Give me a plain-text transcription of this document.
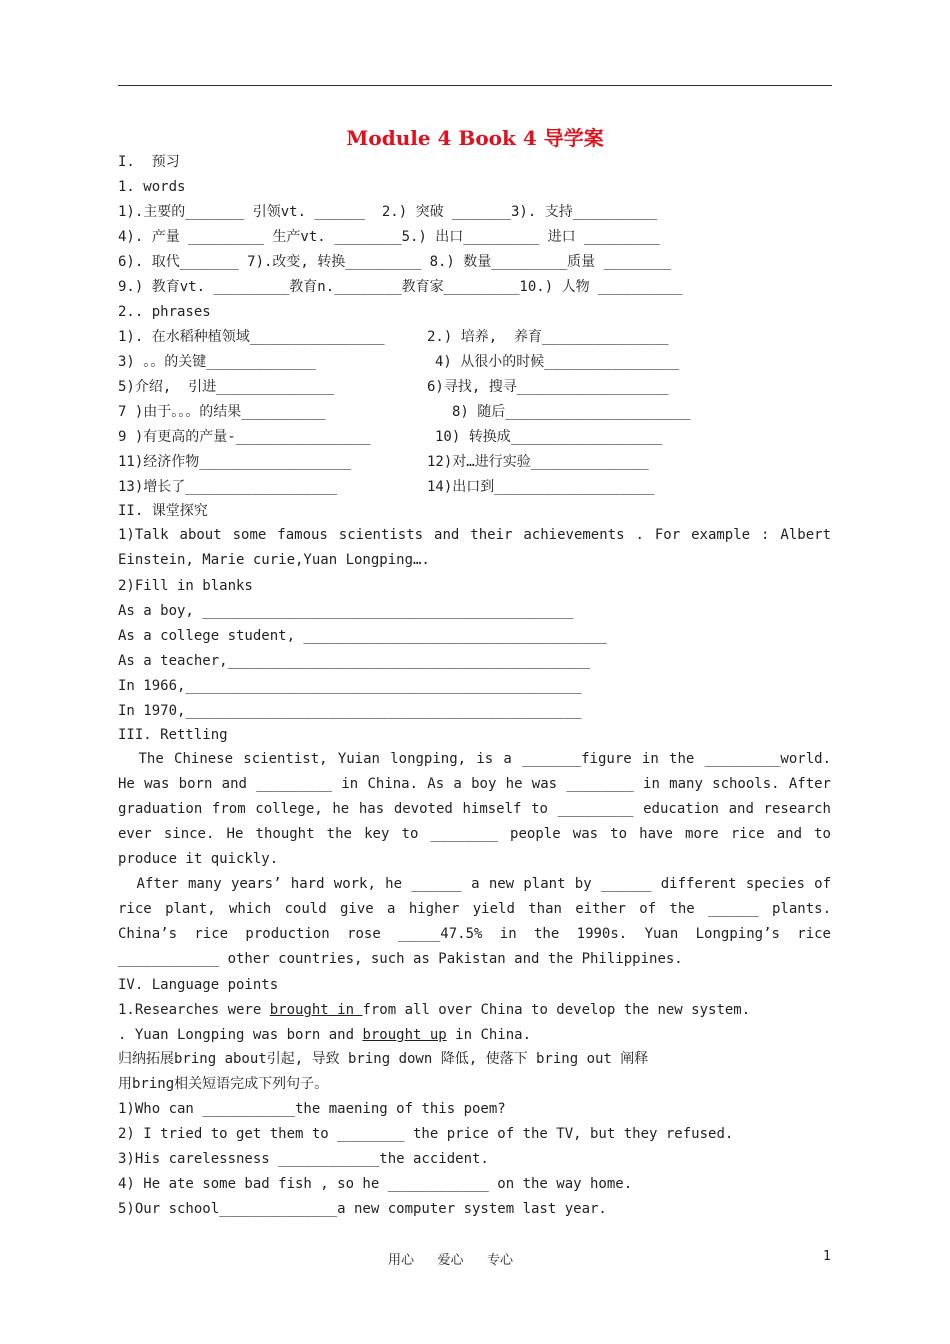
Module 4 Book 4 导学案
I.  预习
1. words
1).主要的_______ 引领vt. ______  2.) 突破 _______3). 支持__________
4). 产量 _________ 生产vt. ________5.) 出口_________ 进口 _________
6). 取代_______ 7).改变, 转换_________ 8.) 数量_________质量 ________
9.) 教育vt. _________教育n.________教育家_________10.) 人物 __________
2.. phrases
1). 在水稻种植领域________________	2.) 培养,  养育_______________
3) 。。的关键_____________	4) 从很小的时候________________
5)介绍,  引进______________	6)寻找, 搜寻__________________
7 )由于。。。的结果__________	8) 随后______________________
9 )有更高的产量-________________	10) 转换成__________________
11)经济作物__________________	12)对…进行实验______________
13)增长了__________________	14)出口到___________________
II. 课堂探究
1)Talk about some famous scientists and their achievements . For example : Albert Einstein, Marie curie,Yuan Longping….
2)Fill in blanks
As a boy, ____________________________________________
As a college student, ____________________________________
As a teacher,___________________________________________
In 1966,_______________________________________________
In 1970,_______________________________________________
III. Rettling
The Chinese scientist, Yuian longping, is a _______figure in the _________world. He was born and _________ in China. As a boy he was ________ in many schools. After graduation from college, he has devoted himself to _________ education and research ever since. He thought the key to ________ people was to have more rice and to produce it quickly.
After many years’ hard work, he ______ a new plant by ______ different species of rice plant, which could give a higher yield than either of the ______ plants. China’s rice production rose _____47.5% in the 1990s. Yuan Longping’s rice ____________ other countries, such as Pakistan and the Philippines.
IV. Language points
1.Researches were brought in from all over China to develop the new system.
. Yuan Longping was born and brought up in China.
归纳拓展bring about引起, 导致 bring down 降低, 使落下 bring out 阐释
用bring相关短语完成下列句子。
1)Who can ___________the maening of this poem?
2) I tried to get them to ________ the price of the TV, but they refused.
3)His carelessness ____________the accident.
4) He ate some bad fish , so he ____________ on the way home.
5)Our school______________a new computer system last year.
用心   爱心   专心	1
